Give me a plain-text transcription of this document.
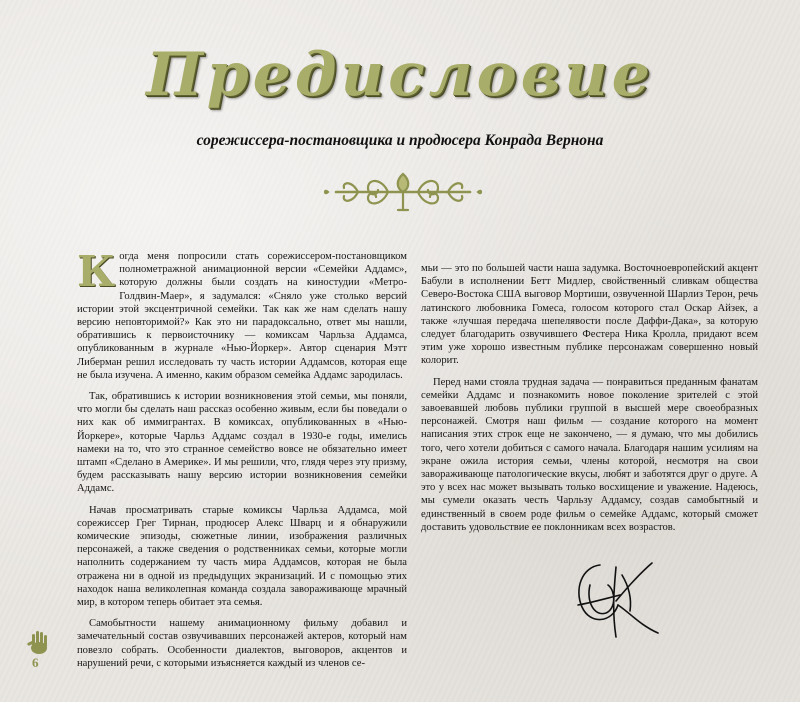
Предисловие
сорежиссера-постановщика и продюсера Конрада Вернона

Когда меня попросили стать сорежиссером-постановщиком полнометражной анимационной версии «Семейки Аддамс», которую должны были создать на киностудии «Метро-Голдвин-Маер», я задумался: «Сняло уже столько версий истории этой эксцентричной семейки. Так как же нам сделать нашу версию неповторимой?» Как это ни парадоксально, ответ мы нашли, обратившись к первоисточнику — комиксам Чарльза Аддамса, опубликованным в журнале «Нью-Йоркер». Автор сценария Мэтт Либерман решил исследовать ту часть истории Аддамсов, которая еще не была изучена. А именно, каким образом семейка Аддамс зародилась.

Так, обратившись к истории возникновения этой семьи, мы поняли, что могли бы сделать наш рассказ особенно живым, если бы поведали о них как об иммигрантах. В комиксах, опубликованных в «Нью-Йоркере», которые Чарльз Аддамс создал в 1930-е годы, имелись намеки на то, что это странное семейство вовсе не обязательно имеет штамп «Сделано в Америке». И мы решили, что, глядя через эту призму, будем рассказывать нашу версию истории возникновения семейки Аддамс.

Начав просматривать старые комиксы Чарльза Аддамса, мой сорежиссер Грег Тирнан, продюсер Алекс Шварц и я обнаружили комические эпизоды, сюжетные линии, изображения различных персонажей, а также сведения о родственниках семьи, которые могли наполнить содержанием ту часть мира Аддамсов, которая не была отражена ни в одной из предыдущих экранизаций. И с помощью этих находок наша великолепная команда создала завораживающе мрачный мир, в котором теперь обитает эта семья.

Самобытности нашему анимационному фильму добавил и замечательный состав озвучивавших персонажей актеров, который нам повезло собрать. Особенности диалектов, выговоров, акцентов и нарушений речи, с которыми изъясняется каждый из членов се-

мьи — это по большей части наша задумка. Восточноевропейский акцент Бабули в исполнении Бетт Мидлер, свойственный сливкам общества Северо-Востока США выговор Мортиши, озвученной Шарлиз Терон, речь латинского любовника Гомеса, голосом которого стал Оскар Айзек, а также «лучшая передача шепелявости после Даффи-Дака», за которую следует благодарить озвучившего Фестера Ника Кролла, придают всем этим уже хорошо известным публике персонажам совершенно новый колорит.

Перед нами стояла трудная задача — понравиться преданным фанатам семейки Аддамс и познакомить новое поколение зрителей с этой завоевавшей любовь публики группой в высшей мере своеобразных персонажей. Смотря наш фильм — создание которого на момент написания этих строк еще не закончено, — я думаю, что мы добились того, чего хотели добиться с самого начала. Благодаря нашим усилиям на экране ожила история семьи, члены которой, несмотря на свои завораживающе патологические вкусы, любят и заботятся друг о друге. А это у всех нас может вызывать только восхищение и уважение. Надеюсь, мы сумели оказать честь Чарльзу Аддамсу, создав самобытный и единственный в своем роде фильм о семейке Аддамс, который сможет доставить удовольствие ее поклонникам всех возрастов.

6
